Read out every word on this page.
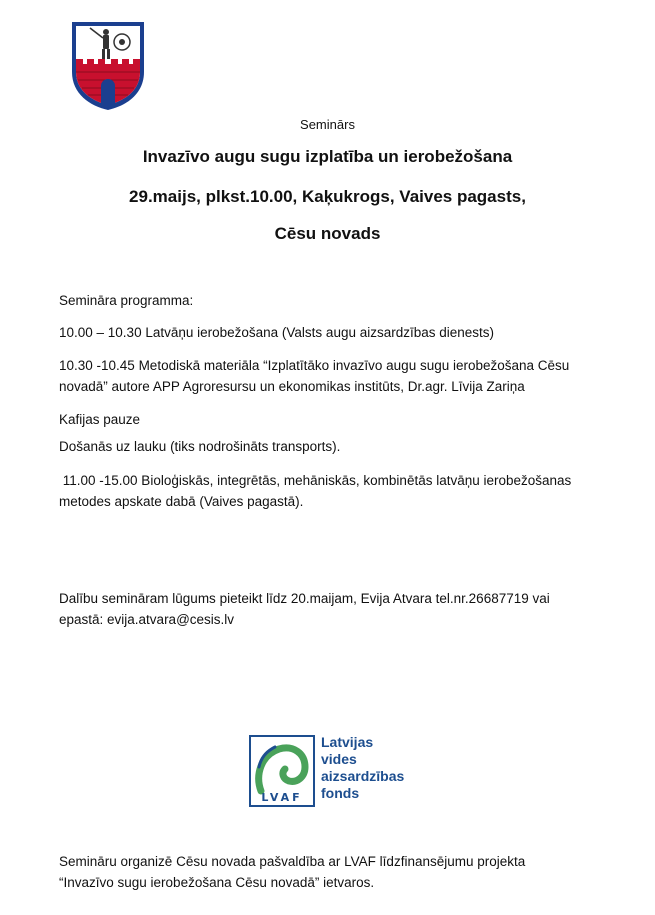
Seminārs
Invazīvo augu sugu izplatība un ierobežošana
29.maijs, plkst.10.00, Kaķukrogs, Vaives pagasts,
Cēsu novads
Semināra programma:
10.00 – 10.30 Latvāņu ierobežošana (Valsts augu aizsardzības dienests)
10.30 -10.45 Metodiskā materiāla “Izplatītāko invazīvo augu sugu ierobežošana Cēsu
novadā” autore APP Agroresursu un ekonomikas institūts, Dr.agr. Līvija Zariņa
Kafijas pauze
Došanās uz lauku (tiks nodrošināts transports).
11.00 -15.00 Bioloģiskās, integrētās, mehāniskās, kombinētās latvāņu ierobežošanas
metodes apskate dabā (Vaives pagastā).
Dalību semināram lūgums pieteikt līdz 20.maijam, Evija Atvara tel.nr.26687719 vai
epastā: evija.atvara@cesis.lv
LVAF
Latvijas
vides
aizsardzības
fonds
Semināru organizē Cēsu novada pašvaldība ar LVAF līdzfinansējumu projekta
“Invazīvo sugu ierobežošana Cēsu novadā” ietvaros.
